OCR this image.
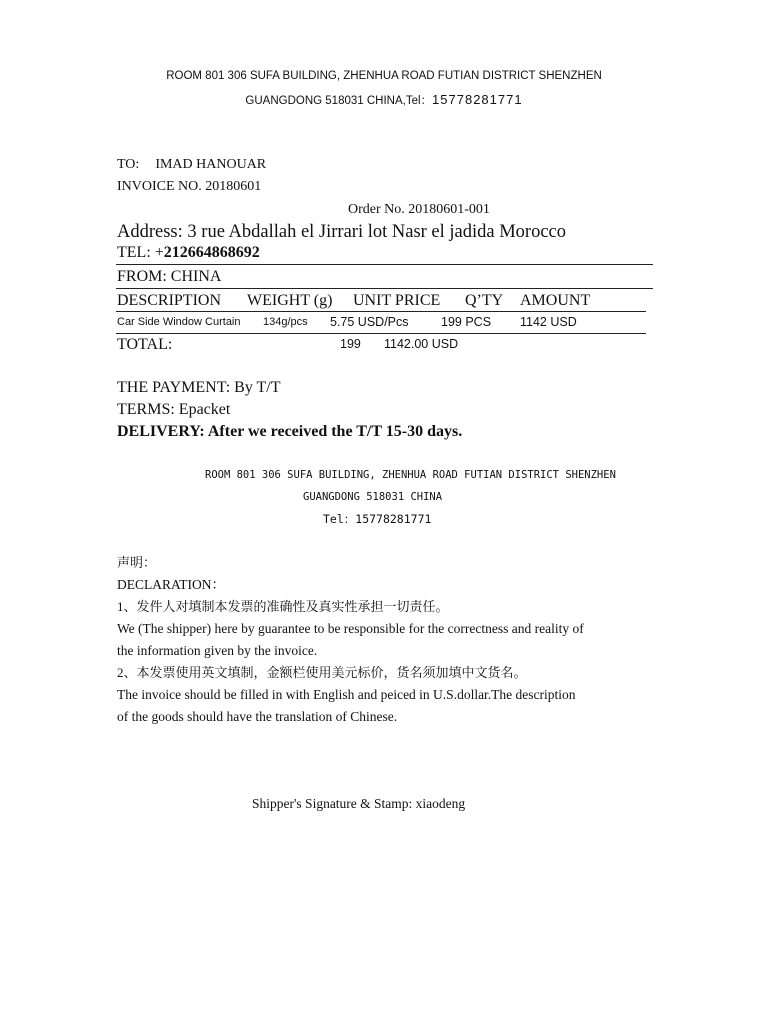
ROOM 801 306 SUFA BUILDING, ZHENHUA ROAD FUTIAN DISTRICT SHENZHEN
GUANGDONG 518031 CHINA,Tel：15778281771
TO: IMAD HANOUAR
INVOICE NO. 20180601
Order No. 20180601-001
Address: 3 rue Abdallah el Jirrari lot Nasr el jadida Morocco
TEL: +212664868692
FROM: CHINA
DESCRIPTION WEIGHT (g) UNIT PRICE Q’TY AMOUNT
Car Side Window Curtain 134g/pcs 5.75 USD/Pcs	199 PCS 1142 USD
TOTAL:	199 1142.00 USD
THE PAYMENT: By T/T
TERMS: Epacket
DELIVERY: After we received the T/T 15-30 days.
ROOM 801 306 SUFA BUILDING, ZHENHUA ROAD FUTIAN DISTRICT SHENZHEN
GUANGDONG 518031 CHINA
Tel：15778281771
声明：
DECLARATION：
1、发件人对填制本发票的准确性及真实性承担一切责任。
We (The shipper) here by guarantee to be responsible for the correctness and reality of
the information given by the invoice.
2、本发票使用英文填制，金额栏使用美元标价，货名须加填中文货名。
The invoice should be filled in with English and peiced in U.S.dollar.The description
of the goods should have the translation of Chinese.
Shipper's Signature & Stamp: xiaodeng
